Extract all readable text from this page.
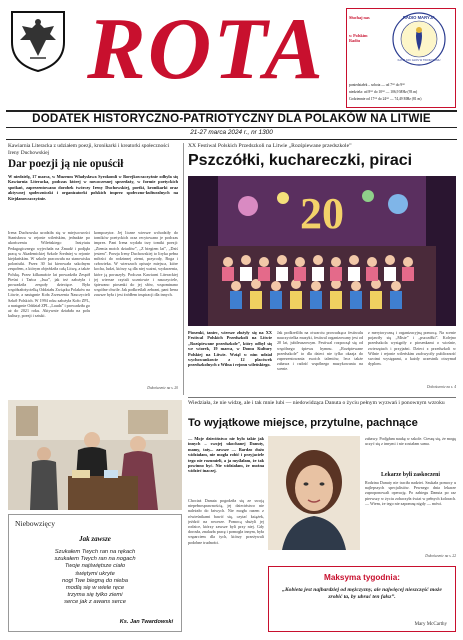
ROTA	Słuchaj nas
w Polskim Radiu
RADIO MARYJA
KATOLICKI GŁOS W TWOIM DOMU
poniedziałek – sobota — od 7⁰⁰ do 9⁰⁰
niedziela: od 8⁰⁰ do 10⁰⁰ — 106,9 MHz (93 m)
Codziennie od 17⁰⁰ do 24⁰⁰ — 74,49 MHz (81 m)
DODATEK HISTORYCZNO-PATRIOTYCZNY DLA POLAKÓW NA LITWIE
21-27 marca 2024 r., nr 1300
Kawiarnia Literacka z udziałem poezji, kronikarki i kreatorki społeczności Ireny Duchowskiej
Dar poezji ją nie opuścił
W niedzielę, 17 marca, w Muzeum Władysława Syrokomli w Borejkowszczyźnie odbyła się Kawiarnia Literacka, podczas której w nowoczesnej sprzedaży, w formie poetyckich spotkań, zaprezentowano dorobek twórczy Ireny Duchowskiej, poetki, kronikarki oraz aktywnej społeczniczki i organizatorki polskich imprez społeczno-kulturalnych na Kiejdanowszczyźnie.
Irena Duchowska urodziła się w miejscowości Stanisława w rejonie wileńskim, jednakże po ukończeniu Wileńskiego Instytutu Pedagogicznego wyjechała na Żmudź i podjęła pracę w Akademickiej Szkole Średniej w rejonie kiejdańskim. W szkole pracowała na stanowisku polonistki. Przez 30 lat kierowała szkolnym zespołem, z którym objeździła całą Litwę, a także Polskę. Przez kilkanaście lat prowadziła Zespół Pieśni i Tańca „Issa”, jak też założyła i prowadziła zespoły dziecięce. Była współzałożycielką Oddziału Związku Polaków na Litwie, a następnie Koła Zrzeszenia Nauczycieli Szkół Polskich. W 1994 roku założyła Koło ZPL, a następnie Oddział ZPL „Lauda” i prowadziła go aż do 2021 roku. Aktywnie działała na polu kultury, poezji i sztuki.
kompozytor. Jej liczne wiersze wchodziły do tomików poetyckich oraz recytowano je podczas imprez. Pani Irena wydała trzy tomiki poezji: „Ziemia moich dziadów”, „Z biegiem lat”, „Dziś jestem”. Poezja Ireny Duchowskiej to liryka pełna miłości do rodzinnej ziemi, przyrody, Boga i człowieka. W wierszach opisuje miejsca, które kocha, ludzi, którzy są dla niej ważni, wydarzenia, które ją poruszyły. Podczas Kawiarni Literackiej jej wiersze czytali uczniowie i nauczyciele, śpiewano piosenki do jej słów, wspominano wspólne chwile. Jak podkreślali zebrani, pani Irena zawsze była i jest źródłem inspiracji dla innych.
Dokończenie na s. 20
XX Festiwal Polskich Przedszkoli na Litwie „Rozśpiewane przedszkole”
Pszczółki, kuchareczki, piraci
20
Piosenki, taniec, wiersze złożyły się na XX Festiwal Polskich Przedszkoli na Litwie „Rozśpiewane przedszkole”, który odbył się we wtorek, 19 marca, w Domu Kultury Polskiej na Litwie. Wziął w nim udział wychowankowie z 12 placówek przedszkolnych z Wilna i rejonu wileńskiego.
Jak podkreśliła na otwarciu prowadząca festiwalu nauczycielka muzyki, festiwal organizowany jest od 20 lat, jubileuszowym. Festiwal rozpoczął się od wspólnego śpiewu hymnu. „Rozśpiewane przedszkole” to dla dzieci nie tylko okazja do zaprezentowania swoich talentów, lecz także zabawa i radość wspólnego muzykowania na scenie.
z merytoryczną i organizacyjną pomocą. Na scenie pojawiły się „Misie” i „pszczółki”. Kolejno przedszkola wystąpiły z piosenkami o wiośnie, zwierzętach i przyjaźni. Dzieci z przedszkoli w Wilnie i rejonie wileńskim zachwyciły publiczność swoimi występami, a każdy uczestnik otrzymał dyplom.
Dokończenie na s. 4
Niebowzięcy
Jak zawsze
Szukałem Twych ran na rękach
szukałem Twych ran na nogach
Twoje najświętsze ciało
świętymi ukryte
nogi Twe biegną do nieba
modlą się w wiele ręce
trzyma się tylko ziemi
serce jak z awans serce
Ks. Jan Twardowski
Wiedziała, że nie widzę, ale i tak mnie lubi — niedowidząca Danuta o życiu pełnym wyzwań i ponownym wzroku
To wyjątkowe miejsce, przytulne, pachnące
— Moje dzieciństwo nie było takie jak innych – swojej ukochanej Danuty, mamy, taty... zawsze — Bardzo dużo widziałam, nie mogła robić i przyjaciele tego nie rozumieli, a ja myślałam, że tak powinno być. Nie widziałam, że można widzieć inaczej.
Chociaż Danuta pogodziła się ze swoją niepełnosprawnością, jej dzieciństwo nie należało do łatwych. Nie mogła razem z rówieśnikami bawić się, czytać książek, jeździć na rowerze. Pomocą służyli jej rodzice, którzy zawsze byli przy niej. Gdy dorosła, znalazła pracę i pomogła innym, była wsparciem dla tych, którzy przeżywali podobne trudności.
zabawy. Podjęłam naukę w szkole. Cieszę się, że mogę uczyć się z innymi i nie zostałam sama.
Lekarze byli zaskoczeni
Rodzina Danuty nie traciła nadziei. Szukała pomocy u najlepszych specjalistów. Pewnego dnia lekarze zaproponowali operację. Po zabiegu Danuta po raz pierwszy w życiu zobaczyła świat w pełnych kolorach. — Wiem, że tego nie zapomnę nigdy — mówi.
Dokończenie na s. 22
Maksyma tygodnia:
„Kobieta jest najbardziej od mężczyzny, ale najwięcej nieszczęść może zrobić ta, by ubrać ten fałsz”.
Mary McCarthy
